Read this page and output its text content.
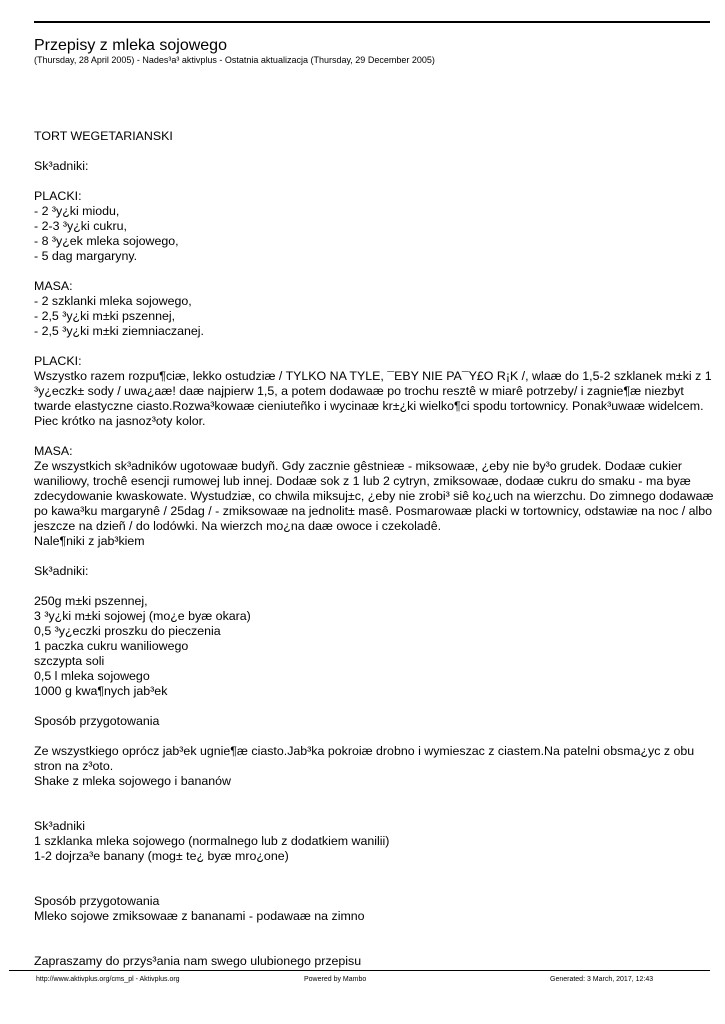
Przepisy z mleka sojowego
(Thursday, 28 April 2005) - Nades³a³ aktivplus - Ostatnia aktualizacja (Thursday, 29 December 2005)

TORT WEGETARIANSKI

Sk³adniki:

PLACKI:
- 2 ³y¿ki miodu,
- 2-3 ³y¿ki cukru,
- 8 ³y¿ek mleka sojowego,
- 5 dag margaryny.

MASA:
- 2 szklanki mleka sojowego,
- 2,5 ³y¿ki m±ki pszennej,
- 2,5 ³y¿ki m±ki ziemniaczanej.

PLACKI:
Wszystko razem rozpu¶ciæ, lekko ostudziæ / TYLKO NA TYLE, ¯EBY NIE PA¯Y£O R¡K /, wlaæ do 1,5-2 szklanek m±ki z 1 ³y¿eczk± sody / uwa¿aæ! daæ najpierw 1,5, a potem dodawaæ po trochu resztê w miarê potrzeby/ i zagnie¶æ niezbyt twarde elastyczne ciasto.Rozwa³kowaæ cieniuteñko i wycinaæ kr±¿ki wielko¶ci spodu tortownicy. Ponak³uwaæ widelcem. Piec krótko na jasnoz³oty kolor.

MASA:
Ze wszystkich sk³adników ugotowaæ budyñ. Gdy zacznie gêstnieæ - miksowaæ, ¿eby nie by³o grudek. Dodaæ cukier waniliowy, trochê esencji rumowej lub innej. Dodaæ sok z 1 lub 2 cytryn, zmiksowaæ, dodaæ cukru do smaku - ma byæ zdecydowanie kwaskowate. Wystudziæ, co chwila miksuj±c, ¿eby nie zrobi³ siê ko¿uch na wierzchu. Do zimnego dodawaæ po kawa³ku margarynê / 25dag / - zmiksowaæ na jednolit± masê. Posmarowaæ placki w tortownicy, odstawiæ na noc / albo jeszcze na dzieñ / do lodówki. Na wierzch mo¿na daæ owoce i czekoladê.
Nale¶niki z jab³kiem

Sk³adniki:

250g m±ki pszennej,
3 ³y¿ki m±ki sojowej (mo¿e byæ okara)
0,5 ³y¿eczki proszku do pieczenia
1 paczka cukru waniliowego
szczypta soli
0,5 l mleka sojowego
1000 g kwa¶nych jab³ek

Sposób przygotowania

Ze wszystkiego oprócz jab³ek ugnie¶æ ciasto.Jab³ka pokroiæ drobno i wymieszac z ciastem.Na patelni obsma¿yc z obu stron na z³oto.
Shake z mleka sojowego i bananów

Sk³adniki
1 szklanka mleka sojowego (normalnego lub z dodatkiem wanilii)
1-2 dojrza³e banany (mog± te¿ byæ mro¿one)

Sposób przygotowania
Mleko sojowe zmiksowaæ z bananami - podawaæ na zimno

Zapraszamy do przys³ania nam swego ulubionego przepisu

http://www.aktivplus.org/cms_pl - Aktivplus.org	Powered by Mambo	Generated: 3 March, 2017, 12:43
